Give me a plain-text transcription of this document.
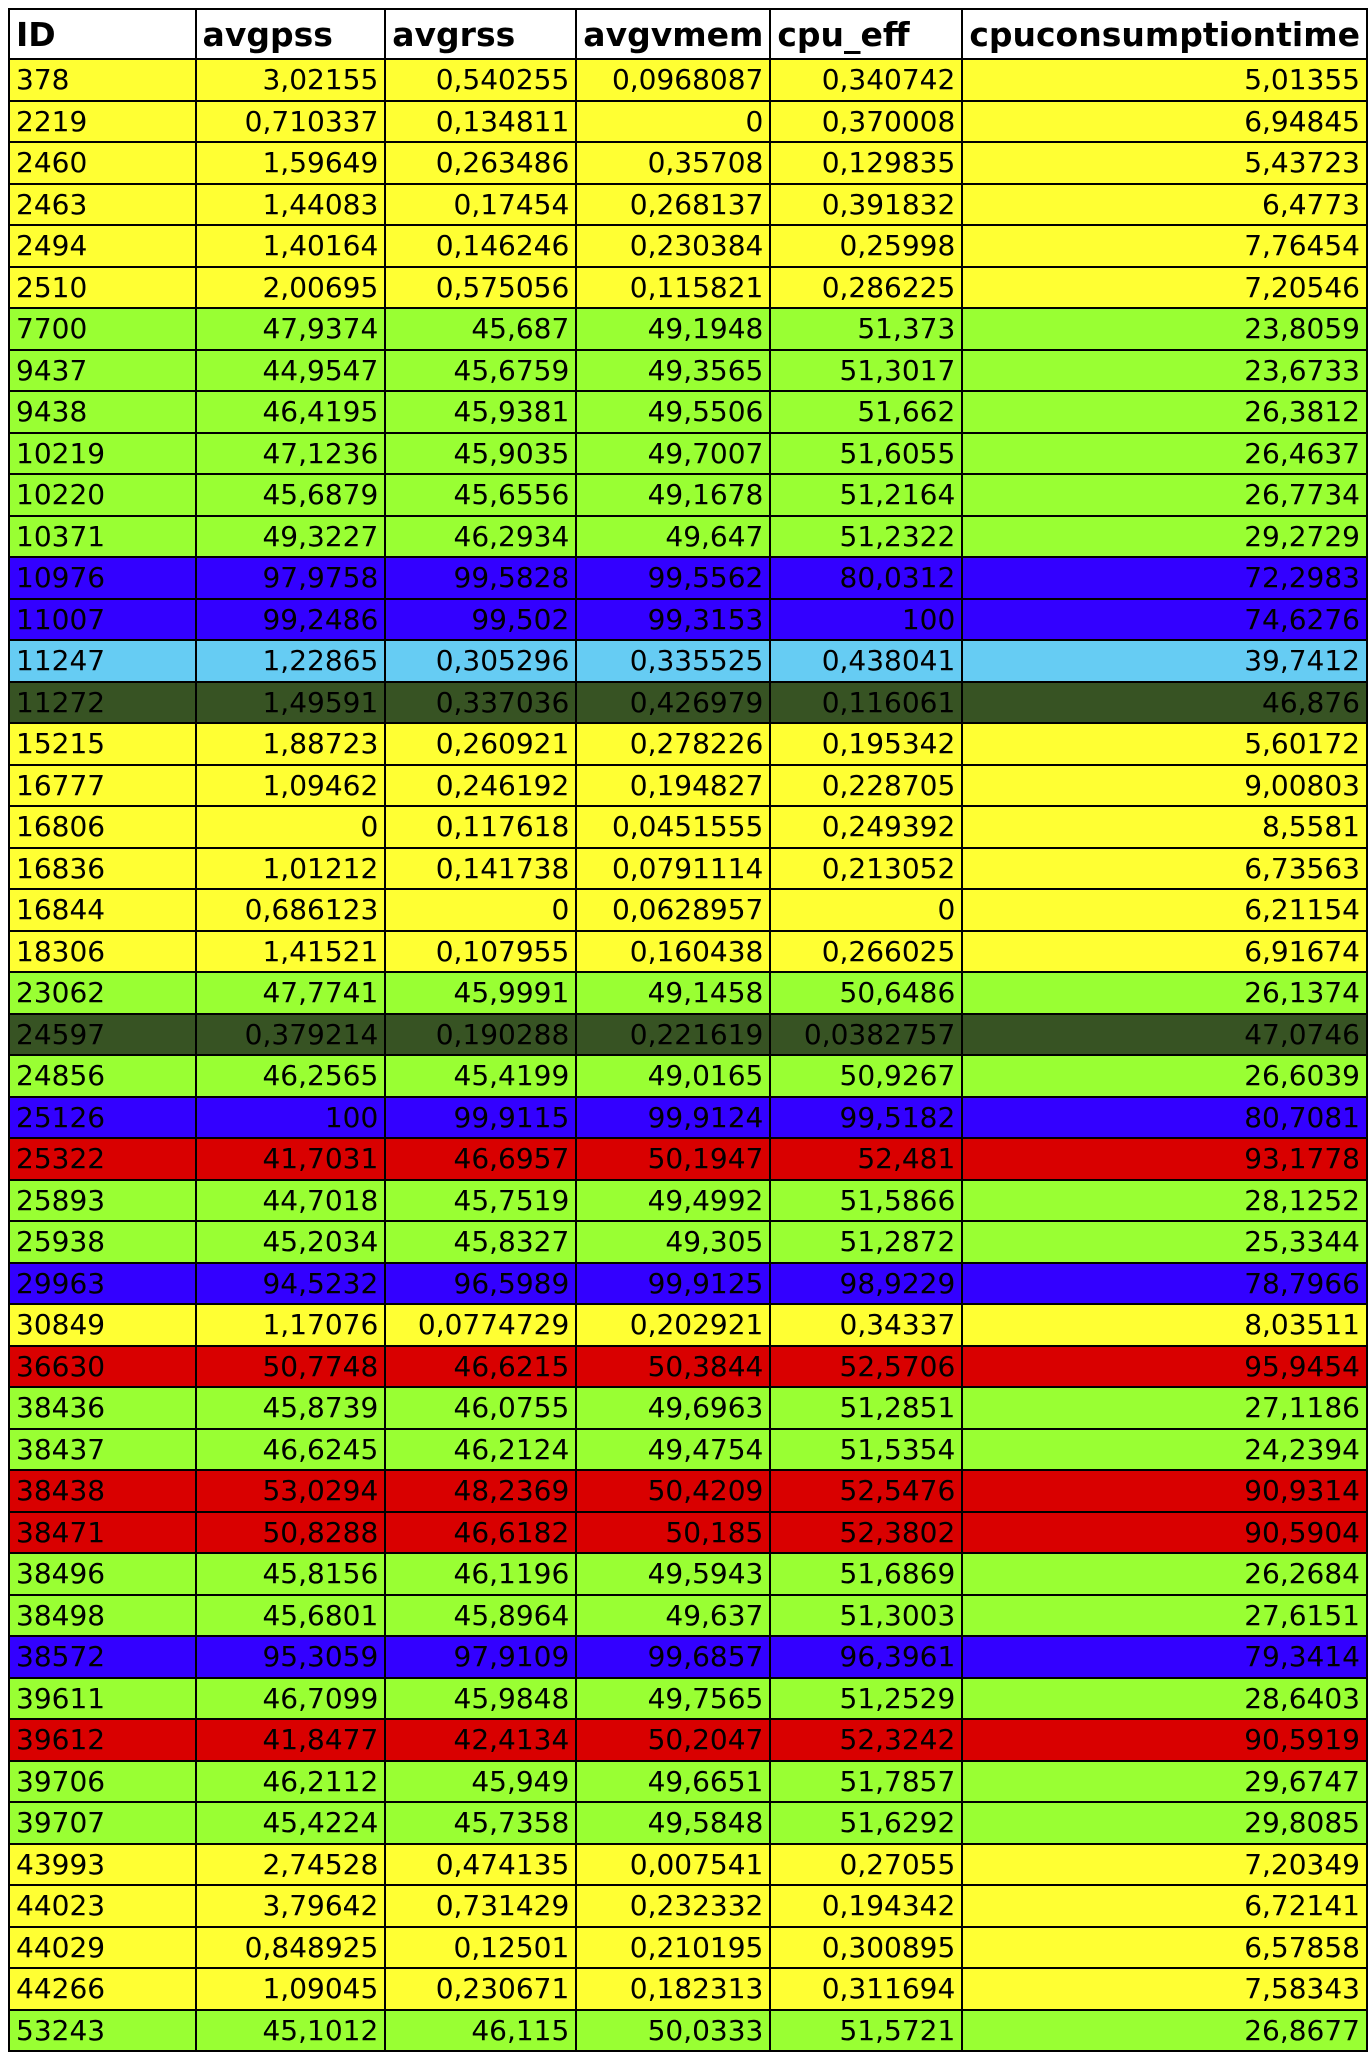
ID	avgpss	avgrss	avgvmem	cpu_eff	cpuconsumptiontime
378	3,02155	0,540255	0,0968087	0,340742	5,01355
2219	0,710337	0,134811	0	0,370008	6,94845
2460	1,59649	0,263486	0,35708	0,129835	5,43723
2463	1,44083	0,17454	0,268137	0,391832	6,4773
2494	1,40164	0,146246	0,230384	0,25998	7,76454
2510	2,00695	0,575056	0,115821	0,286225	7,20546
7700	47,9374	45,687	49,1948	51,373	23,8059
9437	44,9547	45,6759	49,3565	51,3017	23,6733
9438	46,4195	45,9381	49,5506	51,662	26,3812
10219	47,1236	45,9035	49,7007	51,6055	26,4637
10220	45,6879	45,6556	49,1678	51,2164	26,7734
10371	49,3227	46,2934	49,647	51,2322	29,2729
10976	97,9758	99,5828	99,5562	80,0312	72,2983
11007	99,2486	99,502	99,3153	100	74,6276
11247	1,22865	0,305296	0,335525	0,438041	39,7412
11272	1,49591	0,337036	0,426979	0,116061	46,876
15215	1,88723	0,260921	0,278226	0,195342	5,60172
16777	1,09462	0,246192	0,194827	0,228705	9,00803
16806	0	0,117618	0,0451555	0,249392	8,5581
16836	1,01212	0,141738	0,0791114	0,213052	6,73563
16844	0,686123	0	0,0628957	0	6,21154
18306	1,41521	0,107955	0,160438	0,266025	6,91674
23062	47,7741	45,9991	49,1458	50,6486	26,1374
24597	0,379214	0,190288	0,221619	0,0382757	47,0746
24856	46,2565	45,4199	49,0165	50,9267	26,6039
25126	100	99,9115	99,9124	99,5182	80,7081
25322	41,7031	46,6957	50,1947	52,481	93,1778
25893	44,7018	45,7519	49,4992	51,5866	28,1252
25938	45,2034	45,8327	49,305	51,2872	25,3344
29963	94,5232	96,5989	99,9125	98,9229	78,7966
30849	1,17076	0,0774729	0,202921	0,34337	8,03511
36630	50,7748	46,6215	50,3844	52,5706	95,9454
38436	45,8739	46,0755	49,6963	51,2851	27,1186
38437	46,6245	46,2124	49,4754	51,5354	24,2394
38438	53,0294	48,2369	50,4209	52,5476	90,9314
38471	50,8288	46,6182	50,185	52,3802	90,5904
38496	45,8156	46,1196	49,5943	51,6869	26,2684
38498	45,6801	45,8964	49,637	51,3003	27,6151
38572	95,3059	97,9109	99,6857	96,3961	79,3414
39611	46,7099	45,9848	49,7565	51,2529	28,6403
39612	41,8477	42,4134	50,2047	52,3242	90,5919
39706	46,2112	45,949	49,6651	51,7857	29,6747
39707	45,4224	45,7358	49,5848	51,6292	29,8085
43993	2,74528	0,474135	0,007541	0,27055	7,20349
44023	3,79642	0,731429	0,232332	0,194342	6,72141
44029	0,848925	0,12501	0,210195	0,300895	6,57858
44266	1,09045	0,230671	0,182313	0,311694	7,58343
53243	45,1012	46,115	50,0333	51,5721	26,8677
